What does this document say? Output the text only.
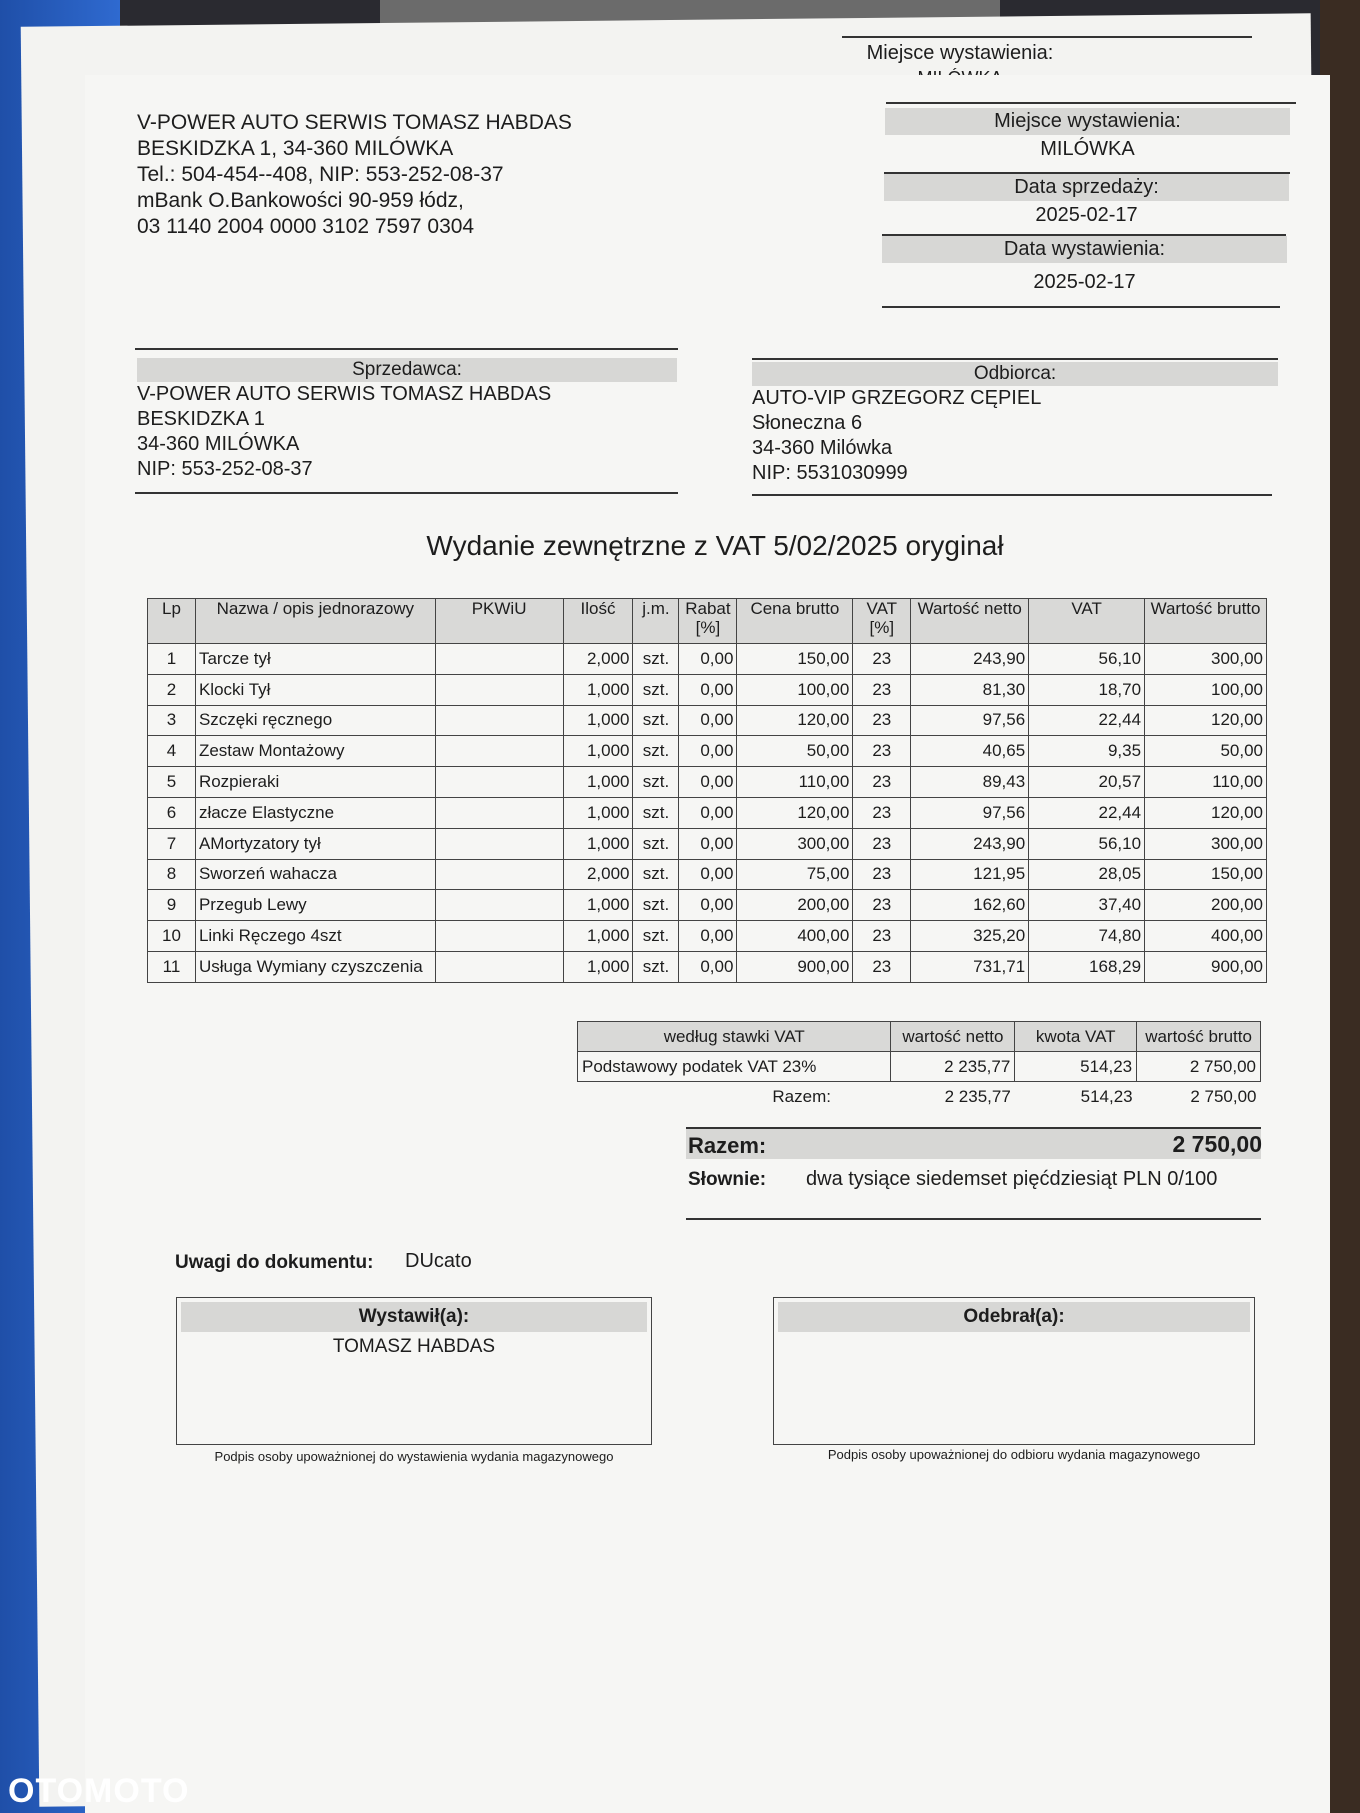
Miejsce wystawienia:
V-POWER AUTO SERWIS TOMASZ HABDAS
BESKIDZKA 1, 34-360 MILÓWKA
Tel.: 504-454--408, NIP: 553-252-08-37
mBank O.Bankowości 90-959 łódz,
03 1140 2004 0000 3102 7597 0304
Miejsce wystawienia:
MILÓWKA
Data sprzedaży:
2025-02-17
Data wystawienia:
2025-02-17
Sprzedawca:
V-POWER AUTO SERWIS TOMASZ HABDAS
BESKIDZKA 1
34-360 MILÓWKA
NIP: 553-252-08-37
Odbiorca:
AUTO-VIP GRZEGORZ CĘPIEL
Słoneczna 6
34-360 Milówka
NIP: 5531030999
Wydanie zewnętrzne z VAT 5/02/2025 oryginał
Lp	Nazwa / opis jednorazowy	PKWiU	Ilość	j.m.	Rabat [%]	Cena brutto	VAT [%]	Wartość netto	VAT	Wartość brutto
1	Tarcze tył		2,000	szt.	0,00	150,00	23	243,90	56,10	300,00
2	Klocki Tył		1,000	szt.	0,00	100,00	23	81,30	18,70	100,00
3	Szczęki ręcznego		1,000	szt.	0,00	120,00	23	97,56	22,44	120,00
4	Zestaw Montażowy		1,000	szt.	0,00	50,00	23	40,65	9,35	50,00
5	Rozpieraki		1,000	szt.	0,00	110,00	23	89,43	20,57	110,00
6	złacze Elastyczne		1,000	szt.	0,00	120,00	23	97,56	22,44	120,00
7	AMortyzatory tył		1,000	szt.	0,00	300,00	23	243,90	56,10	300,00
8	Sworzeń wahacza		2,000	szt.	0,00	75,00	23	121,95	28,05	150,00
9	Przegub Lewy		1,000	szt.	0,00	200,00	23	162,60	37,40	200,00
10	Linki Ręczego 4szt		1,000	szt.	0,00	400,00	23	325,20	74,80	400,00
11	Usługa Wymiany czyszczenia		1,000	szt.	0,00	900,00	23	731,71	168,29	900,00
według stawki VAT	wartość netto	kwota VAT	wartość brutto
Podstawowy podatek VAT 23%	2 235,77	514,23	2 750,00
Razem:	2 235,77	514,23	2 750,00
Razem:	2 750,00
Słownie: dwa tysiące siedemset pięćdziesiąt PLN 0/100
Uwagi do dokumentu: DUcato
Wystawił(a):
TOMASZ HABDAS
Podpis osoby upoważnionej do wystawienia wydania magazynowego
Odebrał(a):
Podpis osoby upoważnionej do odbioru wydania magazynowego
OTOMOTO
